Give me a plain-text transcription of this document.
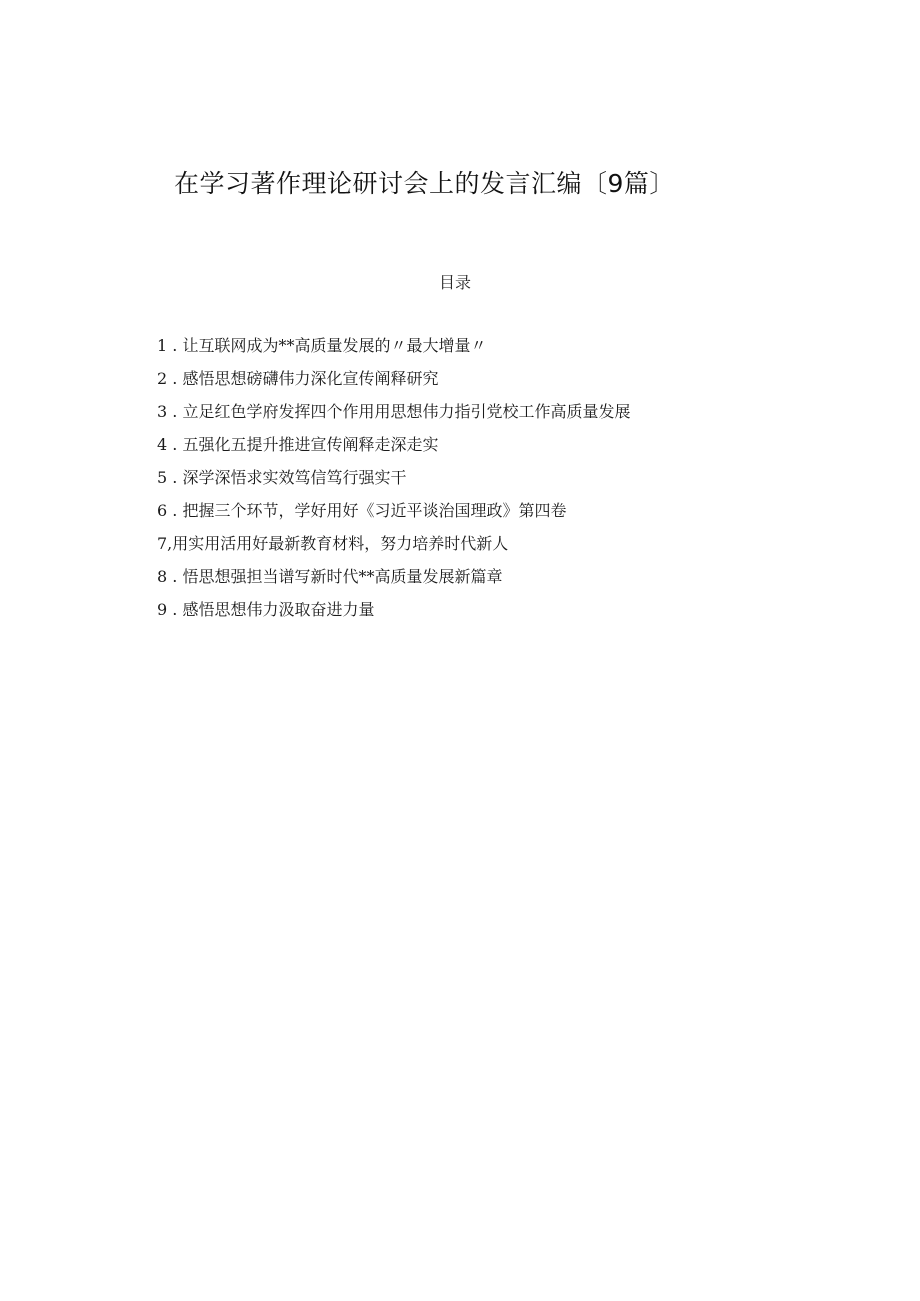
在学习著作理论研讨会上的发言汇编〔9篇〕
目录
1 . 让互联网成为**高质量发展的〃最大增量〃
2 . 感悟思想磅礴伟力深化宣传阐释研究
3 . 立足红色学府发挥四个作用用思想伟力指引党校工作高质量发展
4 . 五强化五提升推进宣传阐释走深走实
5 . 深学深悟求实效笃信笃行强实干
6 . 把握三个环节，学好用好《习近平谈治国理政》第四卷
7,用实用活用好最新教育材料，努力培养时代新人
8 . 悟思想强担当谱写新时代**高质量发展新篇章
9 . 感悟思想伟力汲取奋进力量
